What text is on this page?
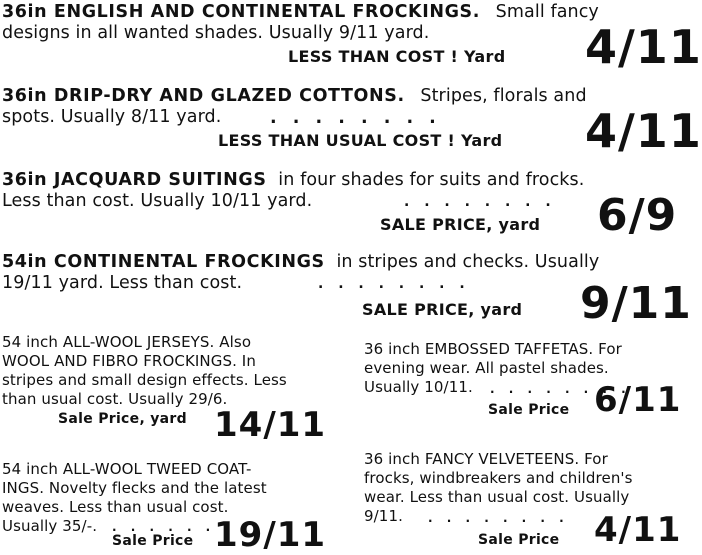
36in ENGLISH AND CONTINENTAL FROCKINGS. Small fancy
designs in all wanted shades. Usually 9/11 yard.
LESS THAN COST ! Yard 4/11
36in DRIP-DRY AND GLAZED COTTONS. Stripes, florals and
spots. Usually 8/11 yard.	. . . . . . . .
LESS THAN USUAL COST ! Yard 4/11
36in JACQUARD SUITINGS in four shades for suits and frocks.
Less than cost. Usually 10/11 yard.	. . . . . . . .
SALE PRICE, yard 6/9
54in CONTINENTAL FROCKINGS in stripes and checks. Usually
19/11 yard. Less than cost.	. . . . . . . .
SALE PRICE, yard 9/11
54 inch ALL-WOOL JERSEYS. Also
WOOL AND FIBRO FROCKINGS. In
stripes and small design effects. Less
than usual cost. Usually 29/6.
Sale Price, yard 14/11
36 inch EMBOSSED TAFFETAS. For
evening wear. All pastel shades.
Usually 10/11. . . . . . . . .
Sale Price 6/11
54 inch ALL-WOOL TWEED COAT-
INGS. Novelty flecks and the latest
weaves. Less than usual cost.
Usually 35/-. . . . . . . . .
Sale Price 19/11
36 inch FANCY VELVETEENS. For
frocks, windbreakers and children's
wear. Less than usual cost. Usually
9/11. . . . . . . . .
Sale Price 4/11
